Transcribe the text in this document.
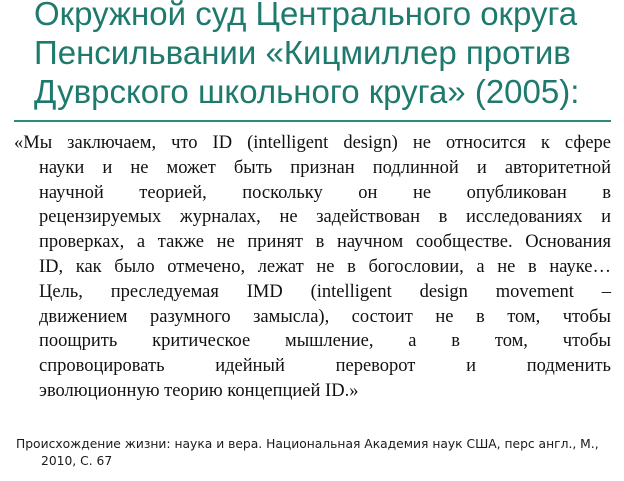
Окружной суд Центрального округа
Пенсильвании «Кицмиллер против
Дуврского школьного круга» (2005):
«Мы заключаем, что ID (intelligent design) не относится к сфере
науки и не может быть признан подлинной и авторитетной
научной теорией, поскольку он не опубликован в
рецензируемых журналах, не задействован в исследованиях и
проверках, а также не принят в научном сообществе. Основания
ID, как было отмечено, лежат не в богословии, а не в науке…
Цель, преследуемая IMD (intelligent design movement –
движением разумного замысла), состоит не в том, чтобы
поощрить критическое мышление, а в том, чтобы
спровоцировать идейный переворот и подменить
эволюционную теорию концепцией ID.»
Происхождение жизни: наука и вера. Национальная Академия наук США, перс англ., М.,
2010, С. 67
